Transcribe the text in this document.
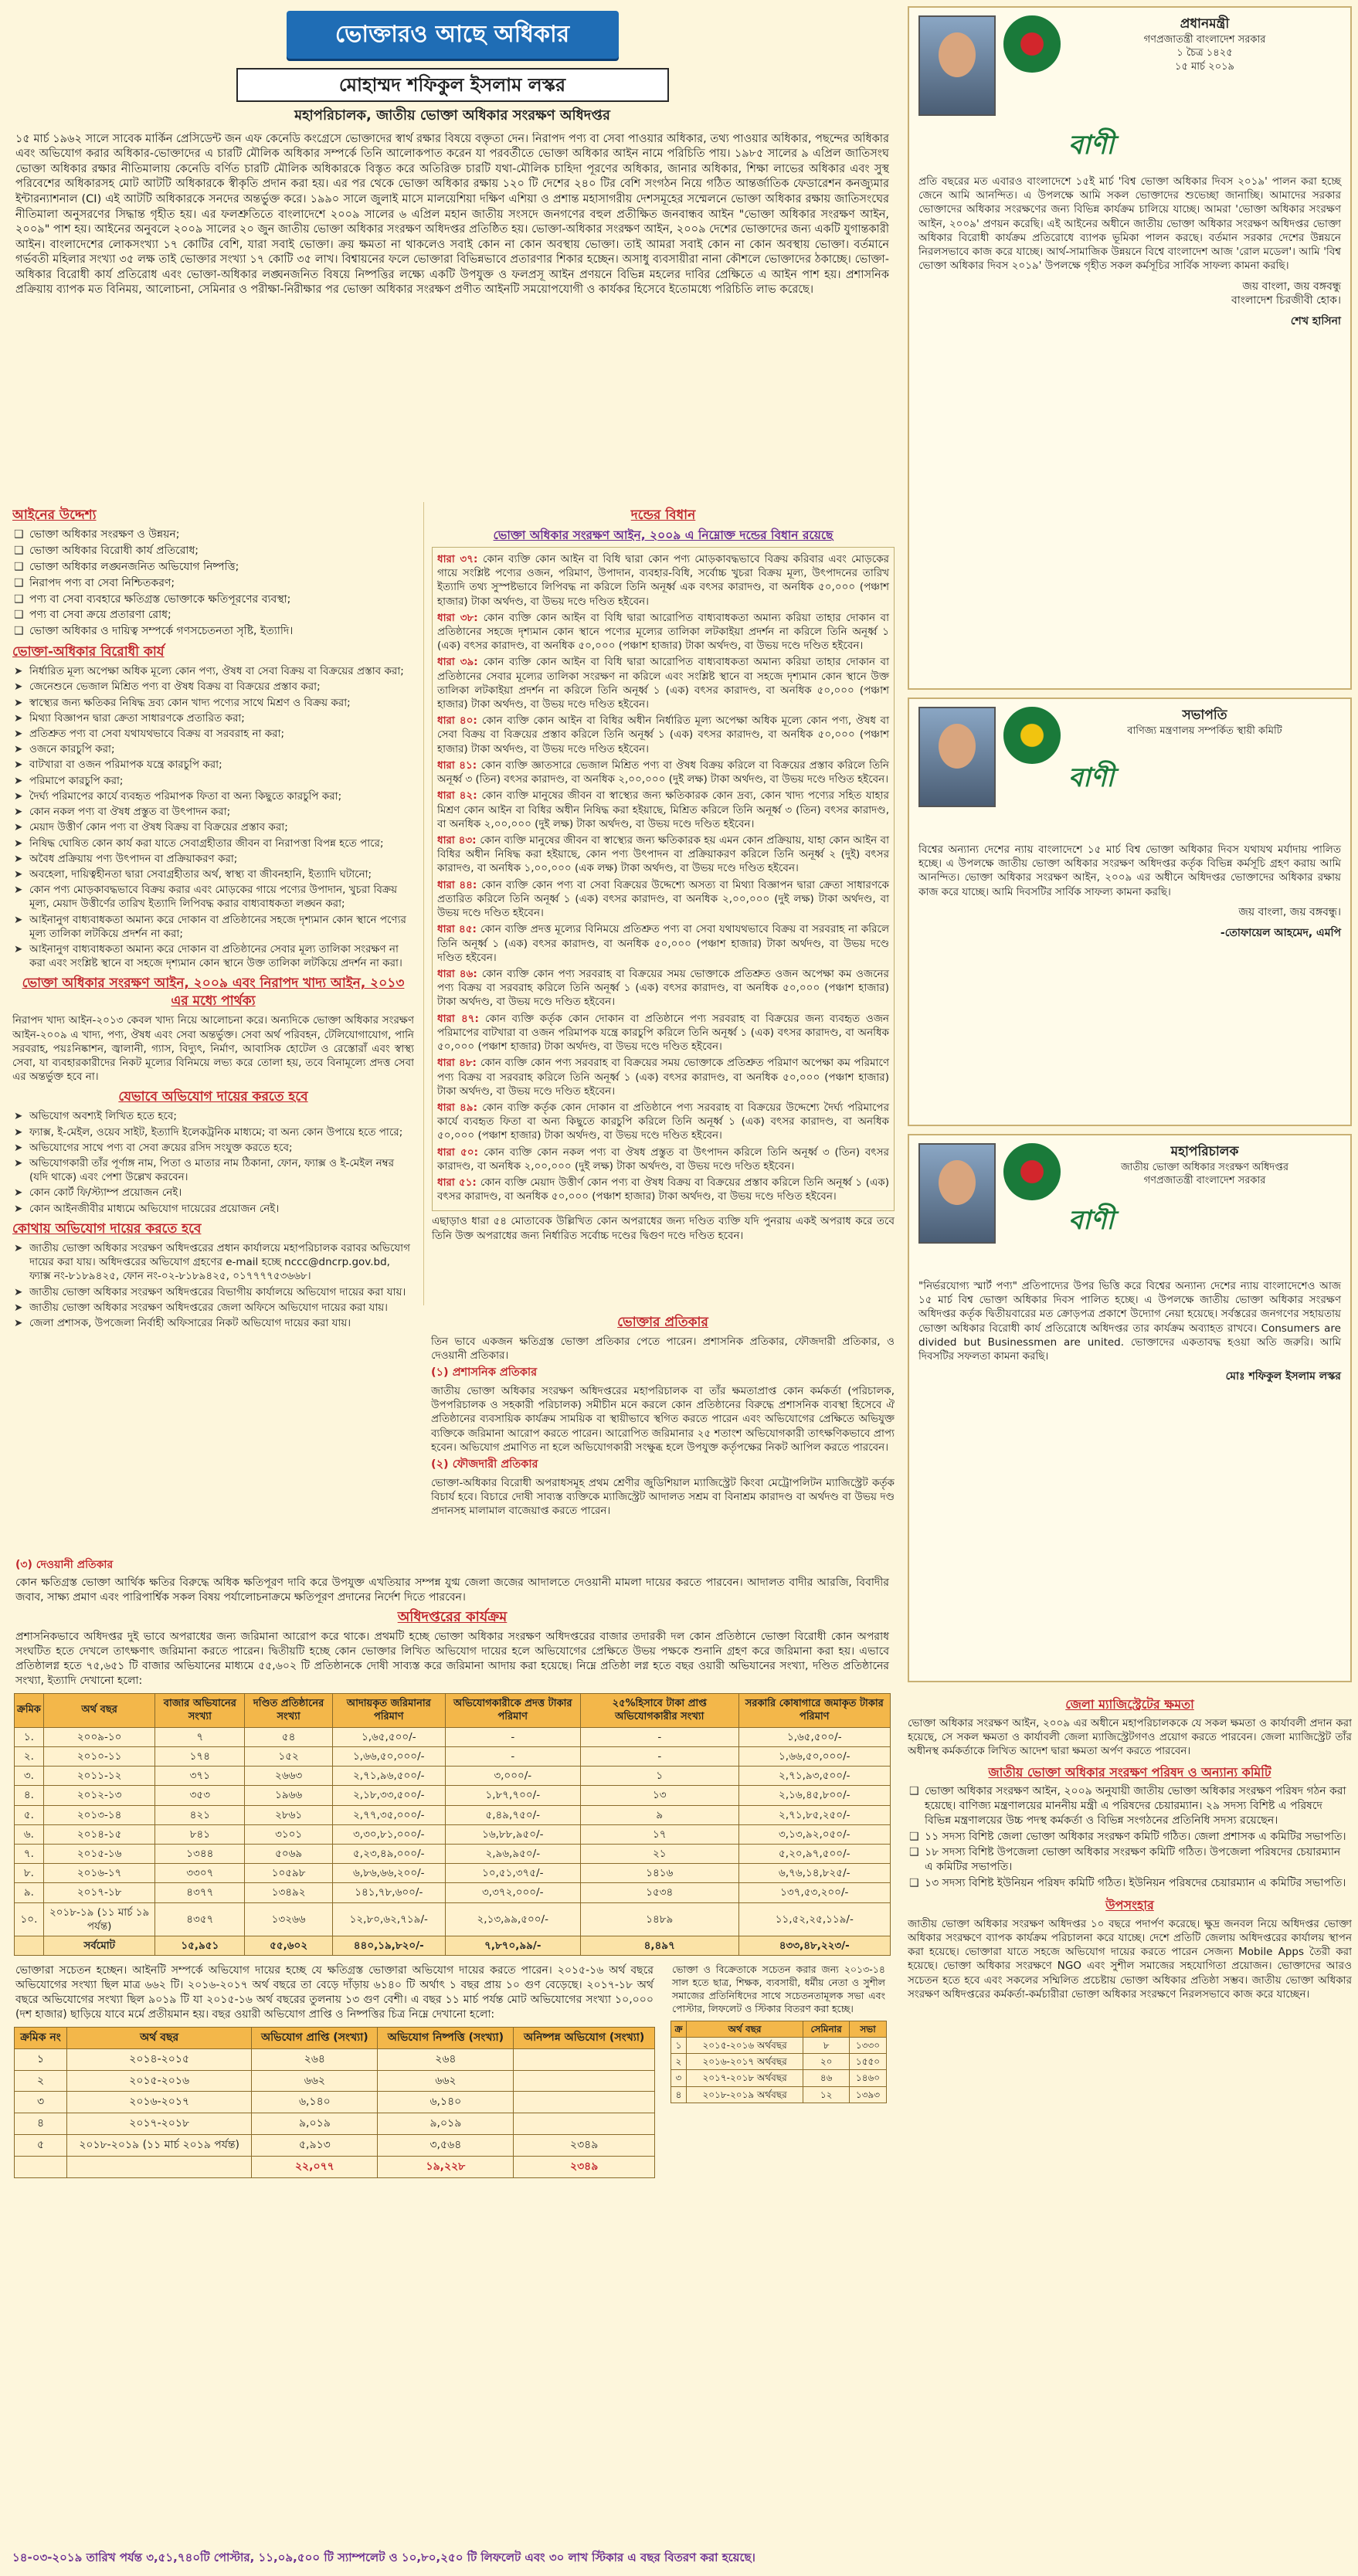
ভোক্তারও আছে অধিকার
মোহাম্মদ শফিকুল ইসলাম লস্কর
মহাপরিচালক, জাতীয় ভোক্তা অধিকার সংরক্ষণ অধিদপ্তর
১৫ মার্চ ১৯৬২ সালে সাবেক মার্কিন প্রেসিডেন্ট জন এফ কেনেডি কংগ্রেসে ভোক্তাদের স্বার্থ রক্ষার বিষয়ে বক্তৃতা দেন। নিরাপদ পণ্য বা সেবা পাওয়ার অধিকার, তথ্য পাওয়ার অধিকার, পছন্দের অধিকার এবং অভিযোগ করার অধিকার-ভোক্তাদের এ চারটি মৌলিক অধিকার সম্পর্কে তিনি আলোকপাত করেন যা পরবর্তীতে ভোক্তা অধিকার আইন নামে পরিচিতি পায়। ১৯৮৫ সালের ৯ এপ্রিল জাতিসংঘ ভোক্তা অধিকার রক্ষার নীতিমালায় কেনেডি বর্ণিত চারটি মৌলিক অধিকারকে বিস্তৃত করে অতিরিক্ত চারটি যথা-মৌলিক চাহিদা পূরণের অধিকার, জানার অধিকার, শিক্ষা লাভের অধিকার এবং সুস্থ পরিবেশের অধিকারসহ মোট আটটি অধিকারকে স্বীকৃতি প্রদান করা হয়। এর পর থেকে ভোক্তা অধিকার রক্ষায় ১২০ টি দেশের ২৪০ টির বেশি সংগঠন নিয়ে গঠিত আন্তর্জাতিক ফেডারেশন কনজ্যুমার ইন্টারন্যাশনাল (CI) এই আটটি অধিকারকে সনদের অন্তর্ভুক্ত করে। ১৯৯০ সালে জুলাই মাসে মালয়েশিয়া দক্ষিণ এশিয়া ও প্রশান্ত মহাসাগরীয় দেশসমূহের সম্মেলনে ভোক্তা অধিকার রক্ষায় জাতিসংঘের নীতিমালা অনুসরণের সিদ্ধান্ত গৃহীত হয়। এর ফলশ্রুতিতে বাংলাদেশে ২০০৯ সালের ৬ এপ্রিল মহান জাতীয় সংসদে জনগণের বহুল প্রতীক্ষিত জনবান্ধব আইন "ভোক্তা অধিকার সংরক্ষণ আইন, ২০০৯" পাশ হয়। আইনের অনুবলে ২০০৯ সালের ২০ জুন জাতীয় ভোক্তা অধিকার সংরক্ষণ অধিদপ্তর প্রতিষ্ঠিত হয়। ভোক্তা-অধিকার সংরক্ষণ আইন, ২০০৯ দেশের ভোক্তাদের জন্য একটি যুগান্তকারী আইন। বাংলাদেশের লোকসংখ্যা ১৭ কোটির বেশি, যারা সবাই ভোক্তা। ক্রয় ক্ষমতা না থাকলেও সবাই কোন না কোন অবস্থায় ভোক্তা। তাই আমরা সবাই কোন না কোন অবস্থায় ভোক্তা। বর্তমানে গর্ভবতী মহিলার সংখ্যা ৩৫ লক্ষ তাই ভোক্তার সংখ্যা ১৭ কোটি ৩৫ লাখ। বিশ্বায়নের ফলে ভোক্তারা বিভিন্নভাবে প্রতারণার শিকার হচ্ছেন। অসাধু ব্যবসায়ীরা নানা কৌশলে ভোক্তাদের ঠকাচ্ছে। ভোক্তা-অধিকার বিরোধী কার্য প্রতিরোধ এবং ভোক্তা-অধিকার লঙ্ঘনজনিত বিষয়ে নিষ্পত্তির লক্ষ্যে একটি উপযুক্ত ও ফলপ্রসূ আইন প্রণয়নে বিভিন্ন মহলের দাবির প্রেক্ষিতে এ আইন পাশ হয়। প্রশাসনিক প্রক্রিয়ায় ব্যাপক মত বিনিময়, আলোচনা, সেমিনার ও পরীক্ষা-নিরীক্ষার পর ভোক্তা অধিকার সংরক্ষণ প্রণীত আইনটি সময়োপযোগী ও কার্যকর হিসেবে ইতোমধ্যে পরিচিতি লাভ করেছে।
আইনের উদ্দেশ্য
❑ ভোক্তা অধিকার সংরক্ষণ ও উন্নয়ন;
❑ ভোক্তা অধিকার বিরোধী কার্য প্রতিরোধ;
❑ ভোক্তা অধিকার লঙ্ঘনজনিত অভিযোগ নিষ্পত্তি;
❑ নিরাপদ পণ্য বা সেবা নিশ্চিতকরণ;
❑ পণ্য বা সেবা ব্যবহারে ক্ষতিগ্রস্ত ভোক্তাকে ক্ষতিপূরণের ব্যবস্থা;
❑ পণ্য বা সেবা ক্রয়ে প্রতারণা রোধ;
❑ ভোক্তা অধিকার ও দায়িত্ব সম্পর্কে গণসচেতনতা সৃষ্টি, ইত্যাদি।
ভোক্তা-অধিকার বিরোধী কার্য
➤ নির্ধারিত মূল্য অপেক্ষা অধিক মূল্যে কোন পণ্য, ঔষধ বা সেবা বিক্রয় বা বিক্রয়ের প্রস্তাব করা;
➤ জেনেশুনে ভেজাল মিশ্রিত পণ্য বা ঔষধ বিক্রয় বা বিক্রয়ের প্রস্তাব করা;
➤ স্বাস্থ্যের জন্য ক্ষতিকর নিষিদ্ধ দ্রব্য কোন খাদ্য পণ্যের সাথে মিশ্রণ ও বিক্রয় করা;
➤ মিথ্যা বিজ্ঞাপন দ্বারা ক্রেতা সাধারণকে প্রতারিত করা;
➤ প্রতিশ্রুত পণ্য বা সেবা যথাযথভাবে বিক্রয় বা সরবরাহ না করা;
➤ ওজনে কারচুপি করা;
➤ বাটখারা বা ওজন পরিমাপক যন্ত্রে কারচুপি করা;
➤ পরিমাপে কারচুপি করা;
➤ দৈর্ঘ্য পরিমাপের কার্যে ব্যবহৃত পরিমাপক ফিতা বা অন্য কিছুতে কারচুপি করা;
➤ কোন নকল পণ্য বা ঔষধ প্রস্তুত বা উৎপাদন করা;
➤ মেয়াদ উত্তীর্ণ কোন পণ্য বা ঔষধ বিক্রয় বা বিক্রয়ের প্রস্তাব করা;
➤ নিষিদ্ধ ঘোষিত কোন কার্য করা যাতে সেবাগ্রহীতার জীবন বা নিরাপত্তা বিপন্ন হতে পারে;
➤ অবৈধ প্রক্রিয়ায় পণ্য উৎপাদন বা প্রক্রিয়াকরণ করা;
➤ অবহেলা, দায়িত্বহীনতা দ্বারা সেবাগ্রহীতার অর্থ, স্বাস্থ্য বা জীবনহানি, ইত্যাদি ঘটানো;
➤ কোন পণ্য মোড়কাবদ্ধভাবে বিক্রয় করার এবং মোড়কের গায়ে পণ্যের উপাদান, খুচরা বিক্রয় মূল্য, মেয়াদ উত্তীর্ণের তারিখ ইত্যাদি লিপিবদ্ধ করার বাধ্যবাধকতা লঙ্ঘন করা;
➤ আইনানুগ বাধ্যবাধকতা অমান্য করে দোকান বা প্রতিষ্ঠানের সহজে দৃশ্যমান কোন স্থানে পণ্যের মূল্য তালিকা লটকিয়ে প্রদর্শন না করা;
➤ আইনানুগ বাধ্যবাধকতা অমান্য করে দোকান বা প্রতিষ্ঠানের সেবার মূল্য তালিকা সংরক্ষণ না করা এবং সংশ্লিষ্ট স্থানে বা সহজে দৃশ্যমান কোন স্থানে উক্ত তালিকা লটকিয়ে প্রদর্শন না করা।
ভোক্তা অধিকার সংরক্ষণ আইন, ২০০৯ এবং নিরাপদ খাদ্য আইন, ২০১৩ এর মধ্যে পার্থক্য

নিরাপদ খাদ্য আইন-২০১৩ কেবল খাদ্য নিয়ে আলোচনা করে। অন্যদিকে ভোক্তা অধিকার সংরক্ষণ আইন-২০০৯ এ খাদ্য, পণ্য, ঔষধ এবং সেবা অন্তর্ভুক্ত। সেবা অর্থ পরিবহন, টেলিযোগাযোগ, পানি সরবরাহ, পয়ঃনিষ্কাশন, জ্বালানী, গ্যাস, বিদ্যুৎ, নির্মাণ, আবাসিক হোটেল ও রেস্তোরাঁ এবং স্বাস্থ্য সেবা, যা ব্যবহারকারীদের নিকট মূল্যের বিনিময়ে লভ্য করে তোলা হয়, তবে বিনামূল্যে প্রদত্ত সেবা এর অন্তর্ভুক্ত হবে না।

যেভাবে অভিযোগ দায়ের করতে হবে
➤ অভিযোগ অবশ্যই লিখিত হতে হবে;
➤ ফ্যাক্স, ই-মেইল, ওয়েব সাইট, ইত্যাদি ইলেকট্রনিক মাধ্যমে; বা অন্য কোন উপায়ে হতে পারে;
➤ অভিযোগের সাথে পণ্য বা সেবা ক্রয়ের রসিদ সংযুক্ত করতে হবে;
➤ অভিযোগকারী তাঁর পূর্ণাঙ্গ নাম, পিতা ও মাতার নাম ঠিকানা, ফোন, ফ্যাক্স ও ই-মেইল নম্বর (যদি থাকে) এবং পেশা উল্লেখ করবেন।
➤ কোন কোর্ট ফি/স্ট্যাম্প প্রয়োজন নেই।
➤ কোন আইনজীবীর মাধ্যমে অভিযোগ দায়েরের প্রয়োজন নেই।
কোথায় অভিযোগ দায়ের করতে হবে
➤ জাতীয় ভোক্তা অধিকার সংরক্ষণ অধিদপ্তরের প্রধান কার্যালয়ে মহাপরিচালক বরাবর অভিযোগ দায়ের করা যায়। অধিদপ্তরের অভিযোগ গ্রহণের e-mail হচ্ছে nccc@dncrp.gov.bd, ফ্যাক্স নং-৮১৮৯৪২৫, ফোন নং-০২-৮১৮৯৪২৫, ০১৭৭৭৭৫৩৬৬৮।
➤ জাতীয় ভোক্তা অধিকার সংরক্ষণ অধিদপ্তরের বিভাগীয় কার্যালয়ে অভিযোগ দায়ের করা যায়।
➤ জাতীয় ভোক্তা অধিকার সংরক্ষণ অধিদপ্তরের জেলা অফিসে অভিযোগ দায়ের করা যায়।
➤ জেলা প্রশাসক, উপজেলা নির্বাহী অফিসারের নিকট অভিযোগ দায়ের করা যায়।
দন্ডের বিধান
ভোক্তা অধিকার সংরক্ষণ আইন, ২০০৯ এ নিম্নোক্ত দন্ডের বিধান রয়েছে

ধারা ৩৭: কোন ব্যক্তি কোন আইন বা বিধি দ্বারা কোন পণ্য মোড়কাবদ্ধভাবে বিক্রয় করিবার এবং মোড়কের গায়ে সংশ্লিষ্ট পণ্যের ওজন, পরিমাণ, উপাদান, ব্যবহার-বিধি, সর্বোচ্চ খুচরা বিক্রয় মূল্য, উৎপাদনের তারিখ ইত্যাদি তথ্য সুস্পষ্টভাবে লিপিবদ্ধ না করিলে তিনি অনূর্ধ্ব এক বৎসর কারাদণ্ড, বা অনধিক ৫০,০০০ (পঞ্চাশ হাজার) টাকা অর্থদণ্ড, বা উভয় দণ্ডে দণ্ডিত হইবেন।

ধারা ৩৮: কোন ব্যক্তি কোন আইন বা বিধি দ্বারা আরোপিত বাধ্যবাধকতা অমান্য করিয়া তাহার দোকান বা প্রতিষ্ঠানের সহজে দৃশ্যমান কোন স্থানে পণ্যের মূল্যের তালিকা লটকাইয়া প্রদর্শন না করিলে তিনি অনূর্ধ্ব ১ (এক) বৎসর কারাদণ্ড, বা অনধিক ৫০,০০০ (পঞ্চাশ হাজার) টাকা অর্থদণ্ড, বা উভয় দণ্ডে দণ্ডিত হইবেন।

ধারা ৩৯: কোন ব্যক্তি কোন আইন বা বিধি দ্বারা আরোপিত বাধ্যবাধকতা অমান্য করিয়া তাহার দোকান বা প্রতিষ্ঠানের সেবার মূল্যের তালিকা সংরক্ষণ না করিলে এবং সংশ্লিষ্ট স্থানে বা সহজে দৃশ্যমান কোন স্থানে উক্ত তালিকা লটকাইয়া প্রদর্শন না করিলে তিনি অনূর্ধ্ব ১ (এক) বৎসর কারাদণ্ড, বা অনধিক ৫০,০০০ (পঞ্চাশ হাজার) টাকা অর্থদণ্ড, বা উভয় দণ্ডে দণ্ডিত হইবেন।

ধারা ৪০: কোন ব্যক্তি কোন আইন বা বিধির অধীন নির্ধারিত মূল্য অপেক্ষা অধিক মূল্যে কোন পণ্য, ঔষধ বা সেবা বিক্রয় বা বিক্রয়ের প্রস্তাব করিলে তিনি অনূর্ধ্ব ১ (এক) বৎসর কারাদণ্ড, বা অনধিক ৫০,০০০ (পঞ্চাশ হাজার) টাকা অর্থদণ্ড, বা উভয় দণ্ডে দণ্ডিত হইবেন।

ধারা ৪১: কোন ব্যক্তি জ্ঞাতসারে ভেজাল মিশ্রিত পণ্য বা ঔষধ বিক্রয় করিলে বা বিক্রয়ের প্রস্তাব করিলে তিনি অনূর্ধ্ব ৩ (তিন) বৎসর কারাদণ্ড, বা অনধিক ২,০০,০০০ (দুই লক্ষ) টাকা অর্থদণ্ড, বা উভয় দণ্ডে দণ্ডিত হইবেন।

ধারা ৪২: কোন ব্যক্তি মানুষের জীবন বা স্বাস্থ্যের জন্য ক্ষতিকারক কোন দ্রব্য, কোন খাদ্য পণ্যের সহিত যাহার মিশ্রণ কোন আইন বা বিধির অধীন নিষিদ্ধ করা হইয়াছে, মিশ্রিত করিলে তিনি অনূর্ধ্ব ৩ (তিন) বৎসর কারাদণ্ড, বা অনধিক ২,০০,০০০ (দুই লক্ষ) টাকা অর্থদণ্ড, বা উভয় দণ্ডে দণ্ডিত হইবেন।

ধারা ৪৩: কোন ব্যক্তি মানুষের জীবন বা স্বাস্থ্যের জন্য ক্ষতিকারক হয় এমন কোন প্রক্রিয়ায়, যাহা কোন আইন বা বিধির অধীন নিষিদ্ধ করা হইয়াছে, কোন পণ্য উৎপাদন বা প্রক্রিয়াকরণ করিলে তিনি অনূর্ধ্ব ২ (দুই) বৎসর কারাদণ্ড, বা অনধিক ১,০০,০০০ (এক লক্ষ) টাকা অর্থদণ্ড, বা উভয় দণ্ডে দণ্ডিত হইবেন।

ধারা ৪৪: কোন ব্যক্তি কোন পণ্য বা সেবা বিক্রয়ের উদ্দেশ্যে অসত্য বা মিথ্যা বিজ্ঞাপন দ্বারা ক্রেতা সাধারণকে প্রতারিত করিলে তিনি অনূর্ধ্ব ১ (এক) বৎসর কারাদণ্ড, বা অনধিক ২,০০,০০০ (দুই লক্ষ) টাকা অর্থদণ্ড, বা উভয় দণ্ডে দণ্ডিত হইবেন।

ধারা ৪৫: কোন ব্যক্তি প্রদত্ত মূল্যের বিনিময়ে প্রতিশ্রুত পণ্য বা সেবা যথাযথভাবে বিক্রয় বা সরবরাহ না করিলে তিনি অনূর্ধ্ব ১ (এক) বৎসর কারাদণ্ড, বা অনধিক ৫০,০০০ (পঞ্চাশ হাজার) টাকা অর্থদণ্ড, বা উভয় দণ্ডে দণ্ডিত হইবেন।

ধারা ৪৬: কোন ব্যক্তি কোন পণ্য সরবরাহ বা বিক্রয়ের সময় ভোক্তাকে প্রতিশ্রুত ওজন অপেক্ষা কম ওজনের পণ্য বিক্রয় বা সরবরাহ করিলে তিনি অনূর্ধ্ব ১ (এক) বৎসর কারাদণ্ড, বা অনধিক ৫০,০০০ (পঞ্চাশ হাজার) টাকা অর্থদণ্ড, বা উভয় দণ্ডে দণ্ডিত হইবেন।

ধারা ৪৭: কোন ব্যক্তি কর্তৃক কোন দোকান বা প্রতিষ্ঠানে পণ্য সরবরাহ বা বিক্রয়ের জন্য ব্যবহৃত ওজন পরিমাপের বাটখারা বা ওজন পরিমাপক যন্ত্রে কারচুপি করিলে তিনি অনূর্ধ্ব ১ (এক) বৎসর কারাদণ্ড, বা অনধিক ৫০,০০০ (পঞ্চাশ হাজার) টাকা অর্থদণ্ড, বা উভয় দণ্ডে দণ্ডিত হইবেন।

ধারা ৪৮: কোন ব্যক্তি কোন পণ্য সরবরাহ বা বিক্রয়ের সময় ভোক্তাকে প্রতিশ্রুত পরিমাণ অপেক্ষা কম পরিমাণে পণ্য বিক্রয় বা সরবরাহ করিলে তিনি অনূর্ধ্ব ১ (এক) বৎসর কারাদণ্ড, বা অনধিক ৫০,০০০ (পঞ্চাশ হাজার) টাকা অর্থদণ্ড, বা উভয় দণ্ডে দণ্ডিত হইবেন।

ধারা ৪৯: কোন ব্যক্তি কর্তৃক কোন দোকান বা প্রতিষ্ঠানে পণ্য সরবরাহ বা বিক্রয়ের উদ্দেশ্যে দৈর্ঘ্য পরিমাপের কার্যে ব্যবহৃত ফিতা বা অন্য কিছুতে কারচুপি করিলে তিনি অনূর্ধ্ব ১ (এক) বৎসর কারাদণ্ড, বা অনধিক ৫০,০০০ (পঞ্চাশ হাজার) টাকা অর্থদণ্ড, বা উভয় দণ্ডে দণ্ডিত হইবেন।

ধারা ৫০: কোন ব্যক্তি কোন নকল পণ্য বা ঔষধ প্রস্তুত বা উৎপাদন করিলে তিনি অনূর্ধ্ব ৩ (তিন) বৎসর কারাদণ্ড, বা অনধিক ২,০০,০০০ (দুই লক্ষ) টাকা অর্থদণ্ড, বা উভয় দণ্ডে দণ্ডিত হইবেন।

ধারা ৫১: কোন ব্যক্তি মেয়াদ উত্তীর্ণ কোন পণ্য বা ঔষধ বিক্রয় বা বিক্রয়ের প্রস্তাব করিলে তিনি অনূর্ধ্ব ১ (এক) বৎসর কারাদণ্ড, বা অনধিক ৫০,০০০ (পঞ্চাশ হাজার) টাকা অর্থদণ্ড, বা উভয় দণ্ডে দণ্ডিত হইবেন।

এছাড়াও ধারা ৫৪ মোতাবেক উল্লিখিত কোন অপরাধের জন্য দণ্ডিত ব্যক্তি যদি পুনরায় একই অপরাধ করে তবে তিনি উক্ত অপরাধের জন্য নির্ধারিত সর্বোচ্চ দণ্ডের দ্বিগুণ দণ্ডে দণ্ডিত হবেন।

ভোক্তার প্রতিকার

তিন ভাবে একজন ক্ষতিগ্রস্ত ভোক্তা প্রতিকার পেতে পারেন। প্রশাসনিক প্রতিকার, ফৌজদারী প্রতিকার, ও দেওয়ানী প্রতিকার।

(১) প্রশাসনিক প্রতিকার

জাতীয় ভোক্তা অধিকার সংরক্ষণ অধিদপ্তরের মহাপরিচালক বা তাঁর ক্ষমতাপ্রাপ্ত কোন কর্মকর্তা (পরিচালক, উপপরিচালক ও সহকারী পরিচালক) সমীচীন মনে করলে কোন প্রতিষ্ঠানের বিরুদ্ধে প্রশাসনিক ব্যবস্থা হিসেবে ঐ প্রতিষ্ঠানের ব্যবসায়িক কার্যক্রম সাময়িক বা স্থায়ীভাবে স্থগিত করতে পারেন এবং অভিযোগের প্রেক্ষিতে অভিযুক্ত ব্যক্তিকে জরিমানা আরোপ করতে পারেন। আরোপিত জরিমানার ২৫ শতাংশ অভিযোগকারী তাৎক্ষণিকভাবে প্রাপ্য হবেন। অভিযোগ প্রমাণিত না হলে অভিযোগকারী সংক্ষুব্ধ হলে উপযুক্ত কর্তৃপক্ষের নিকট আপিল করতে পারবেন।

(২) ফৌজদারী প্রতিকার

ভোক্তা-অধিকার বিরোধী অপরাধসমূহ প্রথম শ্রেণীর জুডিশিয়াল ম্যাজিস্ট্রেট কিংবা মেট্রোপলিটন ম্যাজিস্ট্রেট কর্তৃক বিচার্য হবে। বিচারে দোষী সাব্যস্ত ব্যক্তিকে ম্যাজিস্ট্রেট আদালত সশ্রম বা বিনাশ্রম কারাদণ্ড বা অর্থদণ্ড বা উভয় দণ্ড প্রদানসহ মালামাল বাজেয়াপ্ত করতে পারেন।

(৩) দেওয়ানী প্রতিকার

কোন ক্ষতিগ্রস্ত ভোক্তা আর্থিক ক্ষতির বিরুদ্ধে অধিক ক্ষতিপূরণ দাবি করে উপযুক্ত এখতিয়ার সম্পন্ন যুগ্ম জেলা জজের আদালতে দেওয়ানী মামলা দায়ের করতে পারবেন। আদালত বাদীর আরজি, বিবাদীর জবাব, সাক্ষ্য প্রমাণ এবং পারিপার্শ্বিক সকল বিষয় পর্যালোচনাক্রমে ক্ষতিপূরণ প্রদানের নির্দেশ দিতে পারবেন।

অধিদপ্তরের কার্যক্রম

প্রশাসনিকভাবে অধিদপ্তর দুই ভাবে অপরাধের জন্য জরিমানা আরোপ করে থাকে। প্রথমটি হচ্ছে ভোক্তা অধিকার সংরক্ষণ অধিদপ্তরের বাজার তদারকী দল কোন প্রতিষ্ঠানে ভোক্তা বিরোধী কোন অপরাধ সংঘটিত হতে দেখলে তাৎক্ষণাৎ জরিমানা করতে পারেন। দ্বিতীয়টি হচ্ছে কোন ভোক্তার লিখিত অভিযোগ দায়ের হলে অভিযোগের প্রেক্ষিতে উভয় পক্ষকে শুনানি গ্রহণ করে জরিমানা করা হয়। এভাবে প্রতিষ্ঠালগ্ন হতে ৭৫,৬৫১ টি বাজার অভিযানের মাধ্যমে ৫৫,৬০২ টি প্রতিষ্ঠানকে দোষী সাব্যস্ত করে জরিমানা আদায় করা হয়েছে। নিম্নে প্রতিষ্ঠা লগ্ন হতে বছর ওয়ারী অভিযানের সংখ্যা, দণ্ডিত প্রতিষ্ঠানের সংখ্যা, ইত্যাদি দেখানো হলো:

ক্রমিক	অর্থ বছর	বাজার অভিযানের সংখ্যা	দণ্ডিত প্রতিষ্ঠানের সংখ্যা	আদায়কৃত জরিমানার পরিমাণ	অভিযোগকারীকে প্রদত্ত টাকার পরিমাণ	২৫%হিসাবে টাকা প্রাপ্ত অভিযোগকারীর সংখ্যা	সরকারি কোষাগারে জমাকৃত টাকার পরিমাণ
১.	২০০৯-১০	৭	৫৪	১,৬৫,৫০০/-	-	-	১,৬৫,৫০০/-
২.	২০১০-১১	১৭৪	১৫২	১,৬৬,৫০,০০০/-	-	-	১,৬৬,৫০,০০০/-
৩.	২০১১-১২	৩৭১	২৬৬৩	২,৭১,৯৬,৫০০/-	৩,০০০/-	১	২,৭১,৯৩,৫০০/-
৪.	২০১২-১৩	৩৫৩	১৯৬৬	২,১৮,৩৩,৫০০/-	১,৮৭,৭০০/-	১৩	২,১৬,৪৫,৮০০/-
৫.	২০১৩-১৪	৪২১	২৮৬১	২,৭৭,৩৫,০০০/-	৫,৪৯,৭৫০/-	৯	২,৭১,৮৫,২৫০/-
৬.	২০১৪-১৫	৮৪১	৩১০১	৩,৩০,৮১,০০০/-	১৬,৮৮,৯৫০/-	১৭	৩,১৩,৯২,০৫০/-
৭.	২০১৫-১৬	১৩৪৪	৫০৬৯	৫,২৩,৪৯,০০০/-	২,৯৬,৯৫০/-	২১	৫,২০,৯৭,৫০০/-
৮.	২০১৬-১৭	৩৩০৭	১০৫৯৮	৬,৮৬,৬৬,২০০/-	১০,৫১,৩৭৫/-	১৪১৬	৬,৭৬,১৪,৮২৫/-
৯.	২০১৭-১৮	৪৩৭৭	১৩৪৯২	১৪১,৭৮,৬০০/-	৩,৩৭২,০০০/-	১৫৩৪	১৩৭,৫৩,২০০/-
১০.	২০১৮-১৯ (১১ মার্চ ১৯ পর্যন্ত)	৪৩৫৭	১৩২৬৬	১২,৮০,৬২,৭১৯/-	২,১৩,৯৯,৫০০/-	১৪৮৯	১১,৫২,২৫,১১৯/-
	সর্বমোট	১৫,৯৫১	৫৫,৬০২	৪৪০,১৯,৮২০/-	৭,৮৭০,৯৯/-	৪,৪৯৭	৪৩৩,৪৮,২২৩/-

ভোক্তারা সচেতন হচ্ছেন। আইনটি সম্পর্কে অভিযোগ দায়ের হচ্ছে যে ক্ষতিগ্রস্ত ভোক্তারা অভিযোগ দায়ের করতে পারেন। ২০১৫-১৬ অর্থ বছরে অভিযোগের সংখ্যা ছিল মাত্র ৬৬২ টি। ২০১৬-২০১৭ অর্থ বছরে তা বেড়ে দাঁড়ায় ৬১৪০ টি অর্থাৎ ১ বছর প্রায় ১০ গুণ বেড়েছে। ২০১৭-১৮ অর্থ বছরে অভিযোগের সংখ্যা ছিল ৯০১৯ টি যা ২০১৫-১৬ অর্থ বছরের তুলনায় ১৩ গুণ বেশী। এ বছর ১১ মার্চ পর্যন্ত মোট অভিযোগের সংখ্যা ১০,০০০ (দশ হাজার) ছাড়িয়ে যাবে মর্মে প্রতীয়মান হয়। বছর ওয়ারী অভিযোগ প্রাপ্তি ও নিষ্পত্তির চিত্র নিম্নে দেখানো হলো:

ক্রমিক নং	অর্থ বছর	অভিযোগ প্রাপ্তি (সংখ্যা)	অভিযোগ নিষ্পত্তি (সংখ্যা)	অনিষ্পন্ন অভিযোগ (সংখ্যা)
১	২০১৪-২০১৫	২৬৪	২৬৪	
২	২০১৫-২০১৬	৬৬২	৬৬২	
৩	২০১৬-২০১৭	৬,১৪০	৬,১৪০	
৪	২০১৭-২০১৮	৯,০১৯	৯,০১৯	
৫	২০১৮-২০১৯ (১১ মার্চ ২০১৯ পর্যন্ত)	৫,৯১৩	৩,৫৬৪	২৩৪৯
		২২,০৭৭	১৯,২২৮	২৩৪৯

ভোক্তা ও বিক্রেতাকে সচেতন করার জন্য ২০১৩-১৪ সাল হতে ছাত্র, শিক্ষক, ব্যবসায়ী, ধর্মীয় নেতা ও সুশীল সমাজের প্রতিনিধিদের সাথে সচেতনতামূলক সভা এবং পোস্টার, লিফলেট ও স্টিকার বিতরণ করা হচ্ছে।

ক্র	অর্থ বছর	সেমিনার	সভা
১	২০১৫-২০১৬ অর্থবছর	৮	১৩৩০
২	২০১৬-২০১৭ অর্থবছর	২০	১৫৫০
৩	২০১৭-২০১৮ অর্থবছর	৪৬	১৪৬০
৪	২০১৮-২০১৯ অর্থবছর	১২	১৩৯৩
১৪-০৩-২০১৯ তারিখ পর্যন্ত ৩,৫১,৭৪০টি পোস্টার, ১১,০৯,৫০০ টি স্যাম্পলেট ও ১০,৮০,২৫০ টি লিফলেট এবং ৩০ লাখ স্টিকার এ বছর বিতরণ করা হয়েছে।
প্রধানমন্ত্রী
গণপ্রজাতন্ত্রী বাংলাদেশ সরকার
১ চৈত্র ১৪২৫
১৫ মার্চ ২০১৯
বাণী
প্রতি বছরের মত এবারও বাংলাদেশে ১৫ই মার্চ 'বিশ্ব ভোক্তা অধিকার দিবস ২০১৯' পালন করা হচ্ছে জেনে আমি আনন্দিত। এ উপলক্ষে আমি সকল ভোক্তাদের শুভেচ্ছা জানাচ্ছি। আমাদের সরকার ভোক্তাদের অধিকার সংরক্ষণের জন্য বিভিন্ন কার্যক্রম চালিয়ে যাচ্ছে। আমরা 'ভোক্তা অধিকার সংরক্ষণ আইন, ২০০৯' প্রণয়ন করেছি। এই আইনের অধীনে জাতীয় ভোক্তা অধিকার সংরক্ষণ অধিদপ্তর ভোক্তা অধিকার বিরোধী কার্যক্রম প্রতিরোধে ব্যাপক ভূমিকা পালন করছে। বর্তমান সরকার দেশের উন্নয়নে নিরলসভাবে কাজ করে যাচ্ছে। আর্থ-সামাজিক উন্নয়নে বিশ্বে বাংলাদেশ আজ 'রোল মডেল'। আমি 'বিশ্ব ভোক্তা অধিকার দিবস ২০১৯' উপলক্ষে গৃহীত সকল কর্মসূচির সার্বিক সাফল্য কামনা করছি।
জয় বাংলা, জয় বঙ্গবন্ধু
বাংলাদেশ চিরজীবী হোক।
শেখ হাসিনা
সভাপতি
বাণিজ্য মন্ত্রণালয় সম্পর্কিত স্থায়ী কমিটি
বাণী
বিশ্বের অন্যান্য দেশের ন্যায় বাংলাদেশে ১৫ মার্চ বিশ্ব ভোক্তা অধিকার দিবস যথাযথ মর্যাদায় পালিত হচ্ছে। এ উপলক্ষে জাতীয় ভোক্তা অধিকার সংরক্ষণ অধিদপ্তর কর্তৃক বিভিন্ন কর্মসূচি গ্রহণ করায় আমি আনন্দিত। ভোক্তা অধিকার সংরক্ষণ আইন, ২০০৯ এর অধীনে অধিদপ্তর ভোক্তাদের অধিকার রক্ষায় কাজ করে যাচ্ছে। আমি দিবসটির সার্বিক সাফল্য কামনা করছি।
জয় বাংলা, জয় বঙ্গবন্ধু।
-তোফায়েল আহমেদ, এমপি
মহাপরিচালক
জাতীয় ভোক্তা অধিকার সংরক্ষণ অধিদপ্তর
গণপ্রজাতন্ত্রী বাংলাদেশ সরকার
বাণী
"নির্ভরযোগ্য স্মার্ট পণ্য" প্রতিপাদ্যের উপর ভিত্তি করে বিশ্বের অন্যান্য দেশের ন্যায় বাংলাদেশেও আজ ১৫ মার্চ বিশ্ব ভোক্তা অধিকার দিবস পালিত হচ্ছে। এ উপলক্ষে জাতীয় ভোক্তা অধিকার সংরক্ষণ অধিদপ্তর কর্তৃক দ্বিতীয়বারের মত ক্রোড়পত্র প্রকাশে উদ্যোগ নেয়া হয়েছে। সর্বস্তরের জনগণের সহায়তায় ভোক্তা অধিকার বিরোধী কার্য প্রতিরোধে অধিদপ্তর তার কার্যক্রম অব্যাহত রাখবে। Consumers are divided but Businessmen are united. ভোক্তাদের একতাবদ্ধ হওয়া অতি জরুরি। আমি দিবসটির সফলতা কামনা করছি।
মোঃ শফিকুল ইসলাম লস্কর
জেলা ম্যাজিস্ট্রেটের ক্ষমতা

ভোক্তা অধিকার সংরক্ষণ আইন, ২০০৯ এর অধীনে মহাপরিচালককে যে সকল ক্ষমতা ও কার্যাবলী প্রদান করা হয়েছে, সে সকল ক্ষমতা ও কার্যাবলী জেলা ম্যাজিস্ট্রেটগণও প্রয়োগ করতে পারবেন। জেলা ম্যাজিস্ট্রেট তাঁর অধীনস্থ কর্মকর্তাকে লিখিত আদেশ দ্বারা ক্ষমতা অর্পণ করতে পারবেন।

জাতীয় ভোক্তা অধিকার সংরক্ষণ পরিষদ ও অন্যান্য কমিটি
❑ ভোক্তা অধিকার সংরক্ষণ আইন, ২০০৯ অনুযায়ী জাতীয় ভোক্তা অধিকার সংরক্ষণ পরিষদ গঠন করা হয়েছে। বাণিজ্য মন্ত্রণালয়ের মাননীয় মন্ত্রী এ পরিষদের চেয়ারম্যান। ২৯ সদস্য বিশিষ্ট এ পরিষদে বিভিন্ন মন্ত্রণালয়ের উচ্চ পদস্থ কর্মকর্তা ও বিভিন্ন সংগঠনের প্রতিনিধি সদস্য রয়েছেন।
❑ ১১ সদস্য বিশিষ্ট জেলা ভোক্তা অধিকার সংরক্ষণ কমিটি গঠিত। জেলা প্রশাসক এ কমিটির সভাপতি।
❑ ১৮ সদস্য বিশিষ্ট উপজেলা ভোক্তা অধিকার সংরক্ষণ কমিটি গঠিত। উপজেলা পরিষদের চেয়ারম্যান এ কমিটির সভাপতি।
❑ ১৩ সদস্য বিশিষ্ট ইউনিয়ন পরিষদ কমিটি গঠিত। ইউনিয়ন পরিষদের চেয়ারম্যান এ কমিটির সভাপতি।
উপসংহার

জাতীয় ভোক্তা অধিকার সংরক্ষণ অধিদপ্তর ১০ বছরে পদার্পণ করেছে। ক্ষুদ্র জনবল নিয়ে অধিদপ্তর ভোক্তা অধিকার সংরক্ষণে ব্যাপক কার্যক্রম পরিচালনা করে যাচ্ছে। দেশে প্রতিটি জেলায় অধিদপ্তরের কার্যালয় স্থাপন করা হয়েছে। ভোক্তারা যাতে সহজে অভিযোগ দায়ের করতে পারেন সেজন্য Mobile Apps তৈরী করা হয়েছে। ভোক্তা অধিকার সংরক্ষণে NGO এবং সুশীল সমাজের সহযোগিতা প্রয়োজন। ভোক্তাদের আরও সচেতন হতে হবে এবং সকলের সম্মিলিত প্রচেষ্টায় ভোক্তা অধিকার প্রতিষ্ঠা সম্ভব। জাতীয় ভোক্তা অধিকার সংরক্ষণ অধিদপ্তরের কর্মকর্তা-কর্মচারীরা ভোক্তা অধিকার সংরক্ষণে নিরলসভাবে কাজ করে যাচ্ছেন।
